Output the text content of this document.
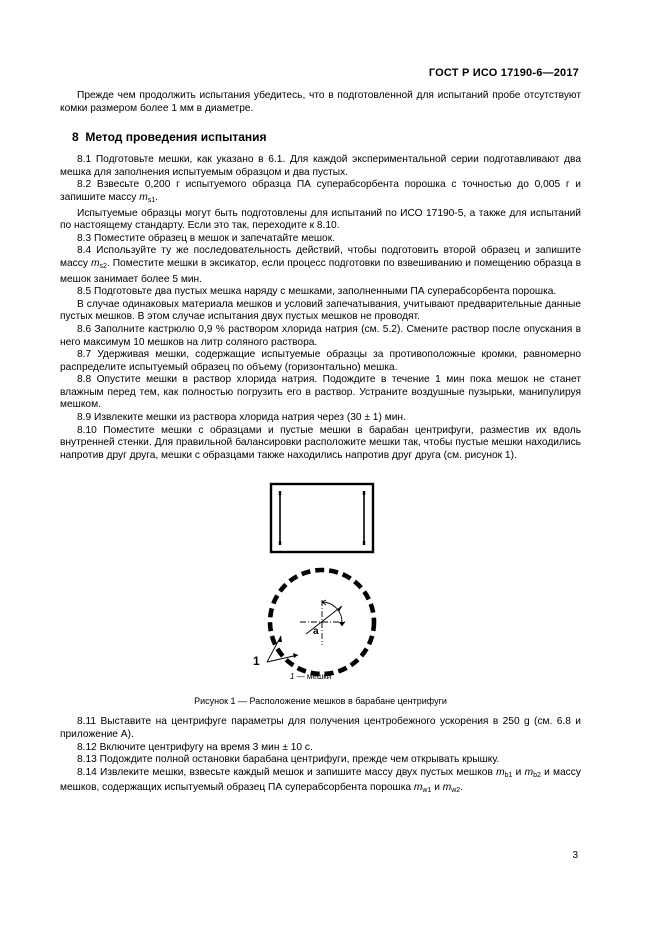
ГОСТ Р ИСО 17190-6—2017

Прежде чем продолжить испытания убедитесь, что в подготовленной для испытаний пробе отсутствуют комки размером более 1 мм в диаметре.

8 Метод проведения испытания

8.1 Подготовьте мешки, как указано в 6.1. Для каждой экспериментальной серии подготавливают два мешка для заполнения испытуемым образцом и два пустых.

8.2 Взвесьте 0,200 г испытуемого образца ПА суперабсорбента порошка с точностью до 0,005 г и запишите массу $m_{s1}$.

Испытуемые образцы могут быть подготовлены для испытаний по ИСО 17190-5, а также для испытаний по настоящему стандарту. Если это так, переходите к 8.10.

8.3 Поместите образец в мешок и запечатайте мешок.

8.4 Используйте ту же последовательность действий, чтобы подготовить второй образец и запишите массу $m_{s2}$. Поместите мешки в эксикатор, если процесс подготовки по взвешиванию и помещению образца в мешок занимает более 5 мин.

8.5 Подготовьте два пустых мешка наряду с мешками, заполненными ПА суперабсорбента порошка.

В случае одинаковых материала мешков и условий запечатывания, учитывают предварительные данные пустых мешков. В этом случае испытания двух пустых мешков не проводят.

8.6 Заполните кастрюлю 0,9 % раствором хлорида натрия (см. 5.2). Смените раствор после опускания в него максимум 10 мешков на литр соляного раствора.

8.7 Удерживая мешки, содержащие испытуемые образцы за противоположные кромки, равномерно распределите испытуемый образец по объему (горизонтально) мешка.

8.8 Опустите мешки в раствор хлорида натрия. Подождите в течение 1 мин пока мешок не станет влажным перед тем, как полностью погрузить его в раствор. Устраните воздушные пузырьки, манипулируя мешком.

8.9 Извлеките мешки из раствора хлорида натрия через (30 ± 1) мин.

8.10 Поместите мешки с образцами и пустые мешки в барабан центрифуги, разместив их вдоль внутренней стенки. Для правильной балансировки расположите мешки так, чтобы пустые мешки находились напротив друг друга, мешки с образцами также находились напротив друг друга (см. рисунок 1).

1
a
1 — мешки
Рисунок 1 — Расположение мешков в барабане центрифуги

8.11 Выставите на центрифуге параметры для получения центробежного ускорения в 250 g (см. 6.8 и приложение А).

8.12 Включите центрифугу на время 3 мин ± 10 с.

8.13 Подождите полной остановки барабана центрифуги, прежде чем открывать крышку.

8.14 Извлеките мешки, взвесьте каждый мешок и запишите массу двух пустых мешков $m_{b1}$ и $m_{b2}$ и массу мешков, содержащих испытуемый образец ПА суперабсорбента порошка $m_{w1}$ и $m_{w2}$.

3
